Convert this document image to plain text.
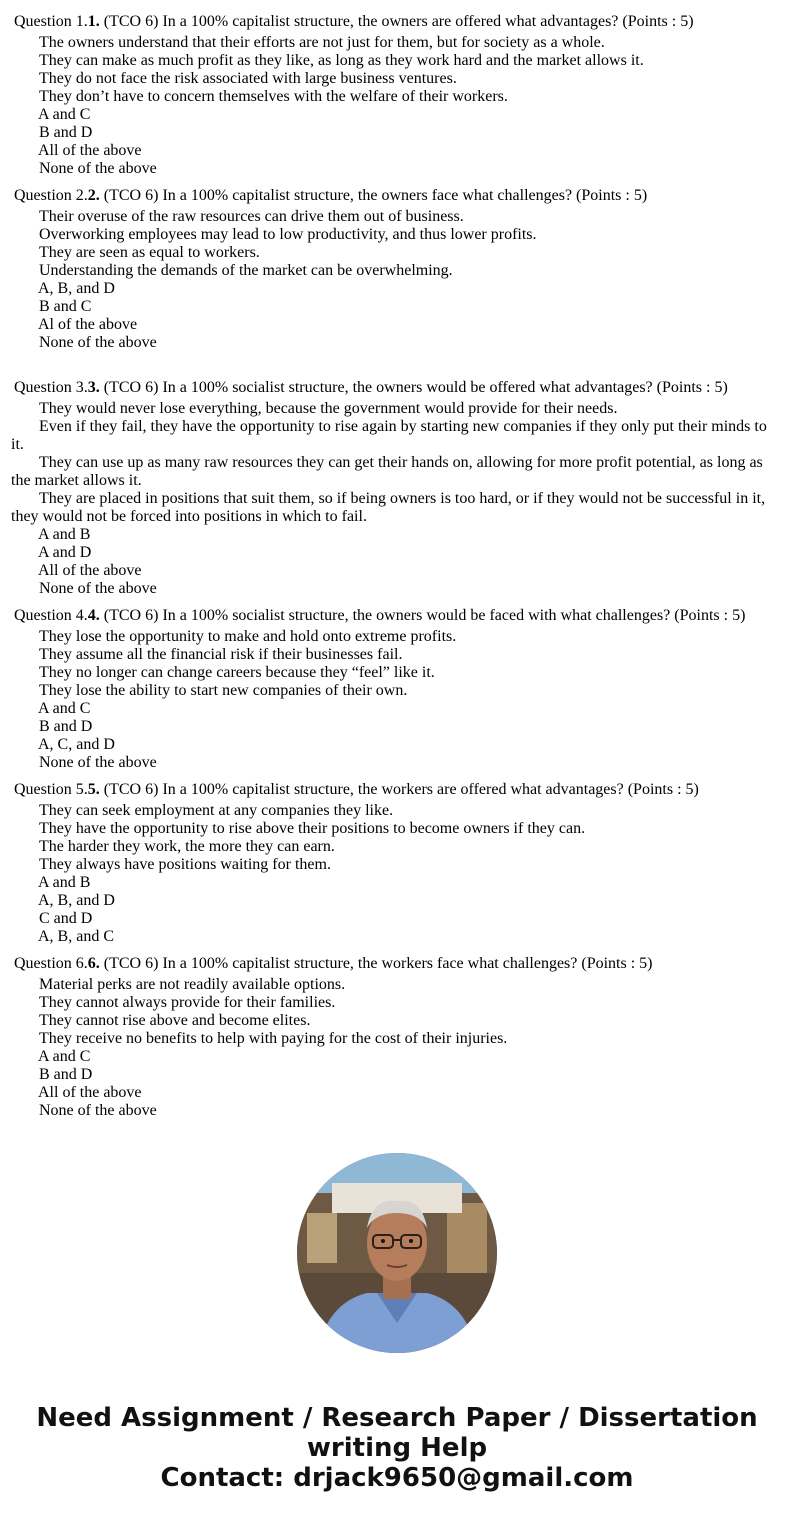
Question 1.1. (TCO 6) In a 100% capitalist structure, the owners are offered what advantages? (Points : 5)
The owners understand that their efforts are not just for them, but for society as a whole.
They can make as much profit as they like, as long as they work hard and the market allows it.
They do not face the risk associated with large business ventures.
They don’t have to concern themselves with the welfare of their workers.
A and C
B and D
All of the above
None of the above
Question 2.2. (TCO 6) In a 100% capitalist structure, the owners face what challenges? (Points : 5)
Their overuse of the raw resources can drive them out of business.
Overworking employees may lead to low productivity, and thus lower profits.
They are seen as equal to workers.
Understanding the demands of the market can be overwhelming.
A, B, and D
B and C
Al of the above
None of the above
Question 3.3. (TCO 6) In a 100% socialist structure, the owners would be offered what advantages? (Points : 5)
They would never lose everything, because the government would provide for their needs.
Even if they fail, they have the opportunity to rise again by starting new companies if they only put their minds to it.
They can use up as many raw resources they can get their hands on, allowing for more profit potential, as long as the market allows it.
They are placed in positions that suit them, so if being owners is too hard, or if they would not be successful in it, they would not be forced into positions in which to fail.
A and B
A and D
All of the above
None of the above
Question 4.4. (TCO 6) In a 100% socialist structure, the owners would be faced with what challenges? (Points : 5)
They lose the opportunity to make and hold onto extreme profits.
They assume all the financial risk if their businesses fail.
They no longer can change careers because they “feel” like it.
They lose the ability to start new companies of their own.
A and C
B and D
A, C, and D
None of the above
Question 5.5. (TCO 6) In a 100% capitalist structure, the workers are offered what advantages? (Points : 5)
They can seek employment at any companies they like.
They have the opportunity to rise above their positions to become owners if they can.
The harder they work, the more they can earn.
They always have positions waiting for them.
A and B
A, B, and D
C and D
A, B, and C
Question 6.6. (TCO 6) In a 100% capitalist structure, the workers face what challenges? (Points : 5)
Material perks are not readily available options.
They cannot always provide for their families.
They cannot rise above and become elites.
They receive no benefits to help with paying for the cost of their injuries.
A and C
B and D
All of the above
None of the above
Need Assignment / Research Paper / Dissertation
writing Help
Contact: drjack9650@gmail.com
